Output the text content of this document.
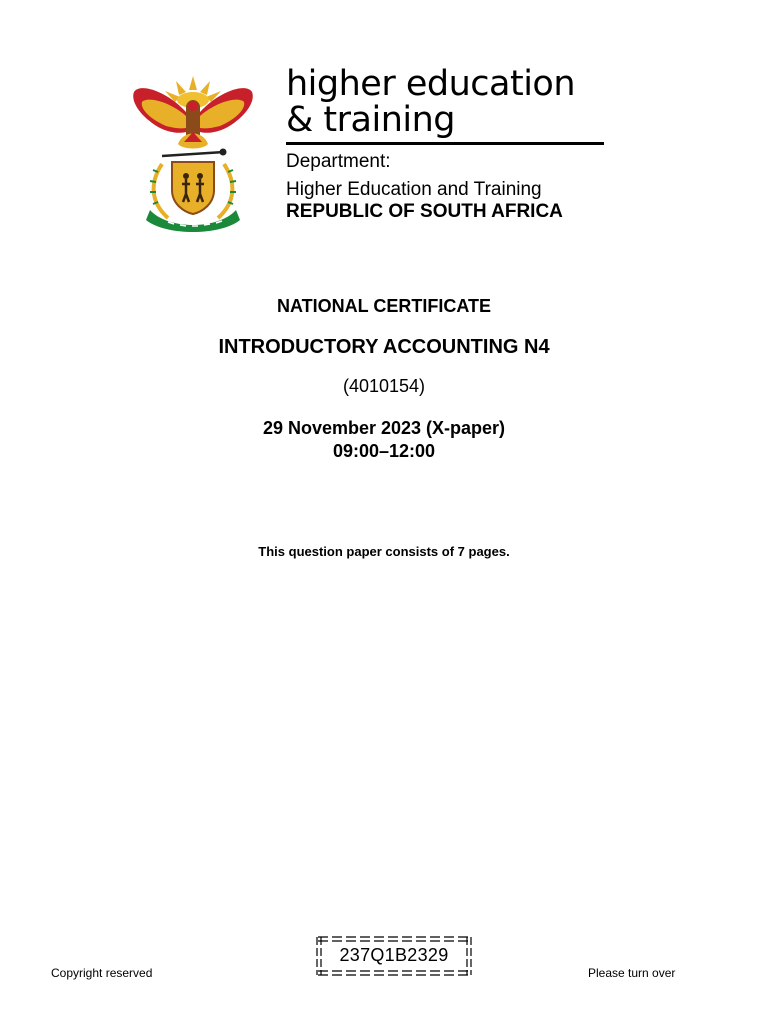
higher education
& training
Department:
Higher Education and Training
REPUBLIC OF SOUTH AFRICA
NATIONAL CERTIFICATE
INTRODUCTORY ACCOUNTING N4
(4010154)
29 November 2023 (X-paper)
09:00–12:00
This question paper consists of 7 pages.
Copyright reserved
237Q1B2329
Please turn over
